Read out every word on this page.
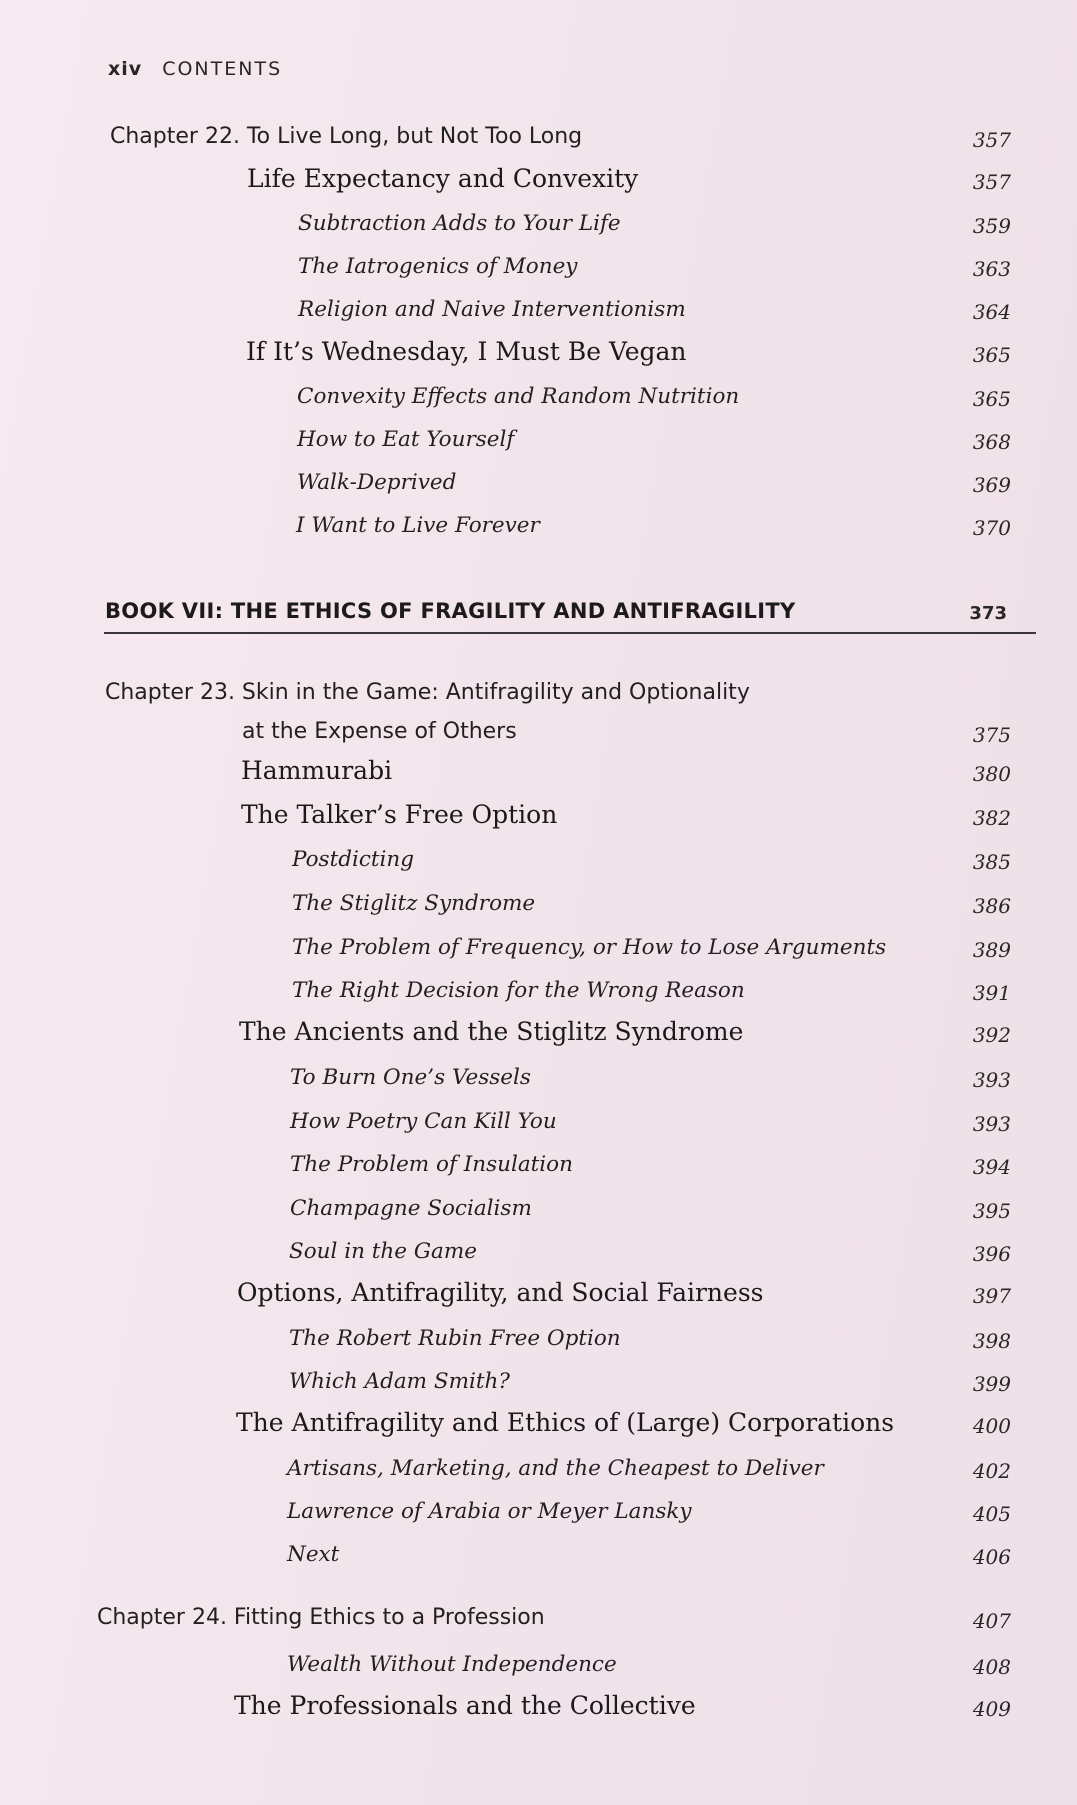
xiv CONTENTS
Chapter 22. To Live Long, but Not Too Long	357
Life Expectancy and Convexity	357
Subtraction Adds to Your Life	359
The Iatrogenics of Money	363
Religion and Naive Interventionism	364
If It’s Wednesday, I Must Be Vegan	365
Convexity Effects and Random Nutrition	365
How to Eat Yourself	368
Walk-Deprived	369
I Want to Live Forever	370
BOOK VII: THE ETHICS OF FRAGILITY AND ANTIFRAGILITY	373
Chapter 23. Skin in the Game: Antifragility and Optionality
at the Expense of Others	375
Hammurabi	380
The Talker’s Free Option	382
Postdicting	385
The Stiglitz Syndrome	386
The Problem of Frequency, or How to Lose Arguments	389
The Right Decision for the Wrong Reason	391
The Ancients and the Stiglitz Syndrome	392
To Burn One’s Vessels	393
How Poetry Can Kill You	393
The Problem of Insulation	394
Champagne Socialism	395
Soul in the Game	396
Options, Antifragility, and Social Fairness	397
The Robert Rubin Free Option	398
Which Adam Smith?	399
The Antifragility and Ethics of (Large) Corporations	400
Artisans, Marketing, and the Cheapest to Deliver	402
Lawrence of Arabia or Meyer Lansky	405
Next	406
Chapter 24. Fitting Ethics to a Profession	407
Wealth Without Independence	408
The Professionals and the Collective	409
